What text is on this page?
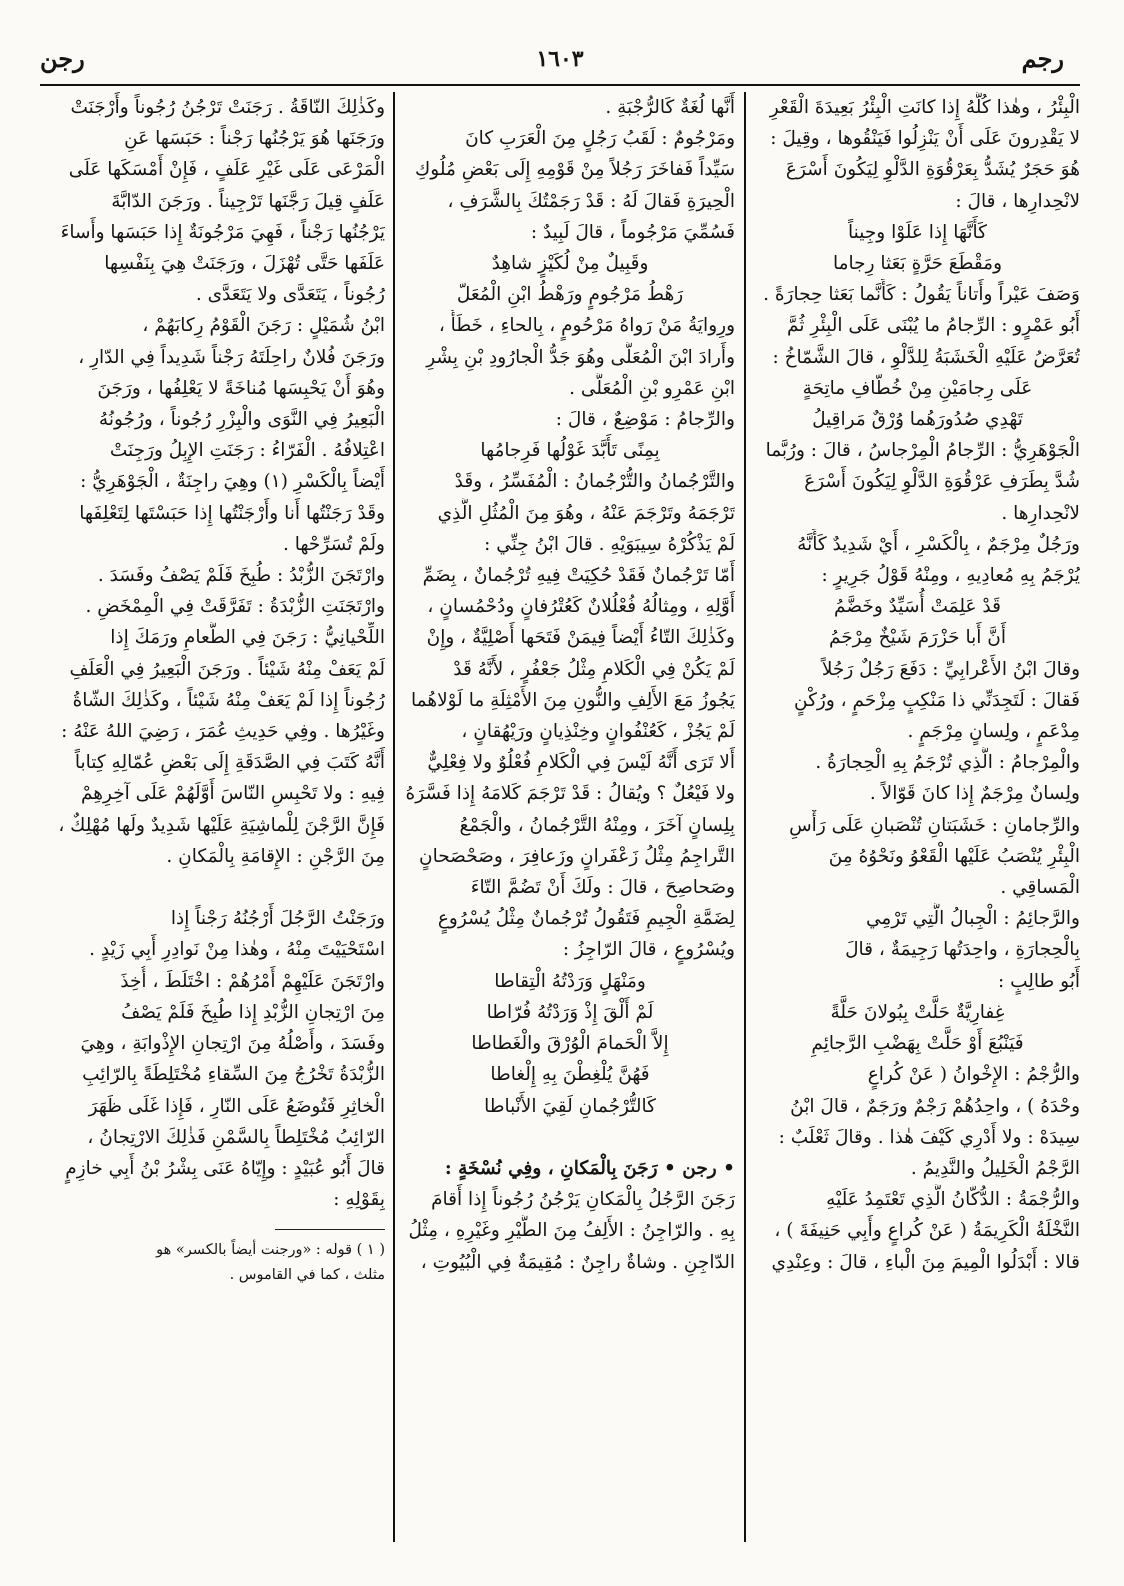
رجم
١٦٠٣
رجن
الْبِئْرُ ، وهٰذا كُلُّهُ إِذا كانَتِ الْبِئْرُ بَعِيدَةَ الْقَعْرِ
لا يَقْدِرونَ عَلَى أَنْ يَنْزِلُوا فَيَنْقُوها ، وقِيلَ :
هُوَ حَجَرٌ يُشَدُّ بِعَرْقُوَةِ الدَّلْوِ لِيَكُونَ أَسْرَعَ
لانْحِدارِها ، قالَ :
كَأَنَّهَا إِذا عَلَوْا وجِيناً
ومَقْطَعَ حَرَّةٍ بَعَثا رِجاما
وَصَفَ عَيْراً وأَتاناً يَقُولُ : كَأَنَّما بَعَثا حِجارَةً .
أَبُو عَمْرٍو : الرِّجامُ ما يُبْنَى عَلَى الْبِئْرِ ثُمَّ
تُعَرَّضُ عَلَيْهِ الْخَشَبَةُ لِلدَّلْوِ ، قالَ الشَّمّاخُ :
عَلَى رِجامَيْنِ مِنْ خُطّافِ ماتِحَةٍ
تَهْدِي صُدُورَهُما وُرْقٌ مَراقِيلُ
الْجَوْهَرِيُّ : الرِّجامُ الْمِرْجاسُ ، قالَ : ورُبَّما
شُدَّ بِطَرَفِ عَرْقُوَةِ الدَّلْوِ لِيَكُونَ أَسْرَعَ
لانْحِدارِها .
ورَجُلٌ مِرْجَمٌ ، بِالْكَسْرِ ، أَيْ شَدِيدٌ كَأَنَّهُ
يُرْجَمُ بِهِ مُعادِيهِ ، ومِنْهُ قَوْلُ جَرِيرٍ :
قَدْ عَلِمَتْ أُسَيِّدٌ وخَضَّمُ
أَنَّ أَبا حَزْرَمَ شَيْخٌ مِرْجَمُ
وقالَ ابْنُ الأَعْرابِيِّ : دَفَعَ رَجُلٌ رَجُلاً
فَقالَ : لَتَجِدَنِّي ذا مَنْكِبٍ مِزْحَمٍ ، ورُكْنٍ
مِدْعَمٍ ، ولِسانٍ مِرْجَمٍ .
والْمِرْجامُ : الَّذِي تُرْجَمُ بِهِ الْحِجارَةُ .
ولِسانٌ مِرْجَمٌ إِذا كانَ قَوّالاً .
والرِّجامانِ : خَشَبَتانِ تُنْصَبانِ عَلَى رَأْسِ
الْبِئْرِ يُنْصَبُ عَلَيْها الْقَعْوُ ونَحْوُهُ مِنَ
الْمَساقِي .
والرَّجائِمُ : الْجِبالُ الَّتِي تَرْمِي
بِالْحِجارَةِ ، واحِدَتُها رَجِيمَةٌ ، قالَ
أَبُو طالِبٍ :
غِفارِيَّةٌ حَلَّتْ بِبُولانَ حَلَّةً
فَيَنْبُعَ أَوْ حَلَّتْ بِهَضْبِ الرَّجائِمِ
والرُّجْمُ : الإِخْوانُ ( عَنْ كُراعٍ
وحْدَهُ ) ، واحِدُهُمْ رَجْمٌ ورَجَمٌ ، قالَ ابْنُ
سِيدَهْ : ولا أَدْرِي كَيْفَ هٰذا . وقالَ ثَعْلَبٌ :
الرَّجْمُ الْخَلِيلُ والنَّدِيمُ .
والرُّجْمَةُ : الدُّكّانُ الَّذِي تَعْتَمِدُ عَلَيْهِ
النَّخْلَةُ الْكَرِيمَةُ ( عَنْ كُراعٍ وأَبِي حَنِيفَةَ ) ،
قالا : أَبْدَلُوا الْمِيمَ مِنَ الْباءِ ، قالَ : وعِنْدِي
أَنَّها لُغَةٌ كَالرُّجْبَةِ .
ومَرْجُومٌ : لَقَبُ رَجُلٍ مِنَ الْعَرَبِ كانَ
سَيِّداً فَفاخَرَ رَجُلاً مِنْ قَوْمِهِ إِلَى بَعْضِ مُلُوكِ
الْحِيرَةِ فَقالَ لَهُ : قَدْ رَجَمْتُكَ بِالشَّرَفِ ،
فَسُمِّيَ مَرْجُوماً ، قالَ لَبِيدٌ :
وقَبِيلٌ مِنْ لُكَيْزٍ شاهِدٌ
رَهْطُ مَرْجُومٍ ورَهْطُ ابْنِ الْمُعَلّ
ورِوايَةُ مَنْ رَواهُ مَرْحُومٍ ، بِالحاءِ ، خَطَأٌ ،
وأَرادَ ابْنَ الْمُعَلَّى وهُوَ جَدُّ الْجارُودِ بْنِ بِشْرِ
ابْنِ عَمْرِو بْنِ الْمُعَلَّى .
والرِّجامُ : مَوْضِعٌ ، قالَ :
بِمِنًى تَأَبَّدَ غَوْلُها فَرِجامُها
والتَّرْجُمانُ والتُّرْجُمانُ : الْمُفَسِّرُ ، وقَدْ
تَرْجَمَهُ وتَرْجَمَ عَنْهُ ، وهُوَ مِنَ الْمُثُلِ الَّذِي
لَمْ يَذْكُرْهُ سِيبَوَيْهِ . قالَ ابْنُ جِنِّي :
أَمّا تَرْجُمانٌ فَقَدْ حُكِيَتْ فِيهِ تُرْجُمانٌ ، بِضَمِّ
أَوَّلِهِ ، ومِثالُهُ فُعْلُلانٌ كَعُتْرُفانٍ ودُحْمُسانٍ ،
وكَذٰلِكَ التّاءُ أَيْضاً فِيمَنْ فَتَحَها أَصْلِيَّةٌ ، وإِنْ
لَمْ يَكُنْ فِي الْكَلامِ مِثْلُ جَعْفُرٍ ، لأَنَّهُ قَدْ
يَجُوزُ مَعَ الأَلِفِ والنُّونِ مِنَ الأَمْثِلَةِ ما لَوْلاهُما
لَمْ يَجُزْ ، كَعُنْفُوانٍ وخِنْذِيانٍ ورَيْهُقانٍ ،
أَلا تَرَى أَنَّهُ لَيْسَ فِي الْكَلامِ فُعْلُوٌ ولا فِعْلِيٌّ
ولا فَيْعُلٌ ؟ ويُقالُ : قَدْ تَرْجَمَ كَلامَهُ إِذا فَسَّرَهُ
بِلِسانٍ آخَرَ ، ومِنْهُ التَّرْجُمانُ ، والْجَمْعُ
التَّراجِمُ مِثْلُ زَعْفَرانٍ وزَعافِرَ ، وصَحْصَحانٍ
وصَحاصِحَ ، قالَ : ولَكَ أَنْ تَضُمَّ التّاءَ
لِضَمَّةِ الْجِيمِ فَتَقُولُ تُرْجُمانٌ مِثْلُ يُسْرُوعٍ
ويُسْرُوعٍ ، قالَ الرّاجِزُ :
ومَنْهَلٍ وَرَدْتُهُ الْتِقاطا
لَمْ أَلْقَ إِذْ وَرَدْتُهُ فُرّاطا
إِلاَّ الْحَمامَ الْوُرْقَ والْغَطاطا
فَهُنَّ يُلْغِطْنَ بِهِ إِلْغاطا
كَالتُّرْجُمانِ لَقِيَ الأَنْباطا

• رجن • رَجَنَ بِالْمَكانِ ، وفِي نُسْخَةٍ :
رَجَنَ الرَّجُلُ بِالْمَكانِ يَرْجُنُ رُجُوناً إِذا أَقامَ
بِهِ . والرّاجِنُ : الأَلِفُ مِنَ الطَّيْرِ وغَيْرِهِ ، مِثْلُ
الدّاجِنِ . وشاةٌ راجِنٌ : مُقِيمَةٌ فِي الْبُيُوتِ ،
وكَذٰلِكَ النّاقَةُ . رَجَنَتْ تَرْجُنُ رُجُوناً وأَرْجَنَتْ
ورَجَنَها هُوَ يَرْجُنُها رَجْناً : حَبَسَها عَنِ
الْمَرْعَى عَلَى غَيْرِ عَلَفٍ ، فَإِنْ أَمْسَكَها عَلَى
عَلَفٍ قِيلَ رَجَّنَها تَرْجِيناً . ورَجَنَ الدّابَّةَ
يَرْجُنُها رَجْناً ، فَهِيَ مَرْجُونَةٌ إِذا حَبَسَها وأَساءَ
عَلَفَها حَتَّى تُهْزَلَ ، ورَجَنَتْ هِيَ بِنَفْسِها
رُجُوناً ، يَتَعَدَّى ولا يَتَعَدَّى .
ابْنُ شُمَيْلٍ : رَجَنَ الْقَوْمُ رِكابَهُمْ ،
ورَجَنَ فُلانٌ راحِلَتَهُ رَجْناً شَدِيداً فِي الدّارِ ،
وهُوَ أَنْ يَحْبِسَها مُناخَةً لا يَعْلِفُها ، ورَجَنَ
الْبَعِيرُ فِي النَّوَى والْبِزْرِ رُجُوناً ، ورُجُونُهُ
اعْتِلافُهُ . الْفَرّاءُ : رَجَنَتِ الإِبِلُ ورَجِنَتْ
أَيْضاً بِالْكَسْرِ (١) وهِيَ راجِنَةٌ ، الْجَوْهَرِيُّ :
وقَدْ رَجَنْتُها أَنا وأَرْجَنْتُها إِذا حَبَسْتَها لِتَعْلِفَها
ولَمْ تُسَرِّحْها .
وارْتَجَنَ الزُّبْدُ : طُبِخَ فَلَمْ يَصْفُ وفَسَدَ .
وارْتَجَنَتِ الزُّبْدَةُ : تَفَرَّقَتْ فِي الْمِمْخَضِ .
اللِّحْيانِيُّ : رَجَنَ فِي الطَّعامِ ورَمَكَ إِذا
لَمْ يَعَفْ مِنْهُ شَيْئاً . ورَجَنَ الْبَعِيرُ فِي الْعَلَفِ
رُجُوناً إِذا لَمْ يَعَفْ مِنْهُ شَيْئاً ، وكَذٰلِكَ الشّاةُ
وغَيْرُها . وفِي حَدِيثِ عُمَرَ ، رَضِيَ اللهُ عَنْهُ :
أَنَّهُ كَتَبَ فِي الصَّدَقَةِ إِلَى بَعْضِ عُمّالِهِ كِتاباً
فِيهِ : ولا تَحْبِسِ النّاسَ أَوَّلَهُمْ عَلَى آخِرِهِمْ
فَإِنَّ الرَّجْنَ لِلْماشِيَةِ عَلَيْها شَدِيدٌ ولَها مُهْلِكٌ ،
مِنَ الرَّجْنِ : الإِقامَةِ بِالْمَكانِ .

ورَجَنْتُ الرَّجُلَ أَرْجُنُهُ رَجْناً إِذا
اسْتَحْيَيْتَ مِنْهُ ، وهٰذا مِنْ نَوادِرِ أَبِي زَيْدٍ .
وارْتَجَنَ عَلَيْهِمْ أَمْرُهُمْ : اخْتَلَطَ ، أُخِذَ
مِنَ ارْتِجانِ الزُّبْدِ إِذا طُبِخَ فَلَمْ يَصْفُ
وفَسَدَ ، وأَصْلُهُ مِنَ ارْتِجانِ الإِذْوابَةِ ، وهِيَ
الزُّبْدَةُ تَخْرُجُ مِنَ السِّقاءِ مُخْتَلِطَةً بِالرّائِبِ
الْخاثِرِ فَتُوضَعُ عَلَى النّارِ ، فَإِذا غَلَى ظَهَرَ
الرّائِبُ مُخْتَلِطاً بِالسَّمْنِ فَذٰلِكَ الارْتِجانُ ،
قالَ أَبُو عُبَيْدٍ : وإِيّاهُ عَنَى بِشْرُ بْنُ أَبِي خازِمٍ
بِقَوْلِهِ :
( ١ ) قوله : «ورجنت أيضاً بالكسر» هو
مثلث ، كما في القاموس .
